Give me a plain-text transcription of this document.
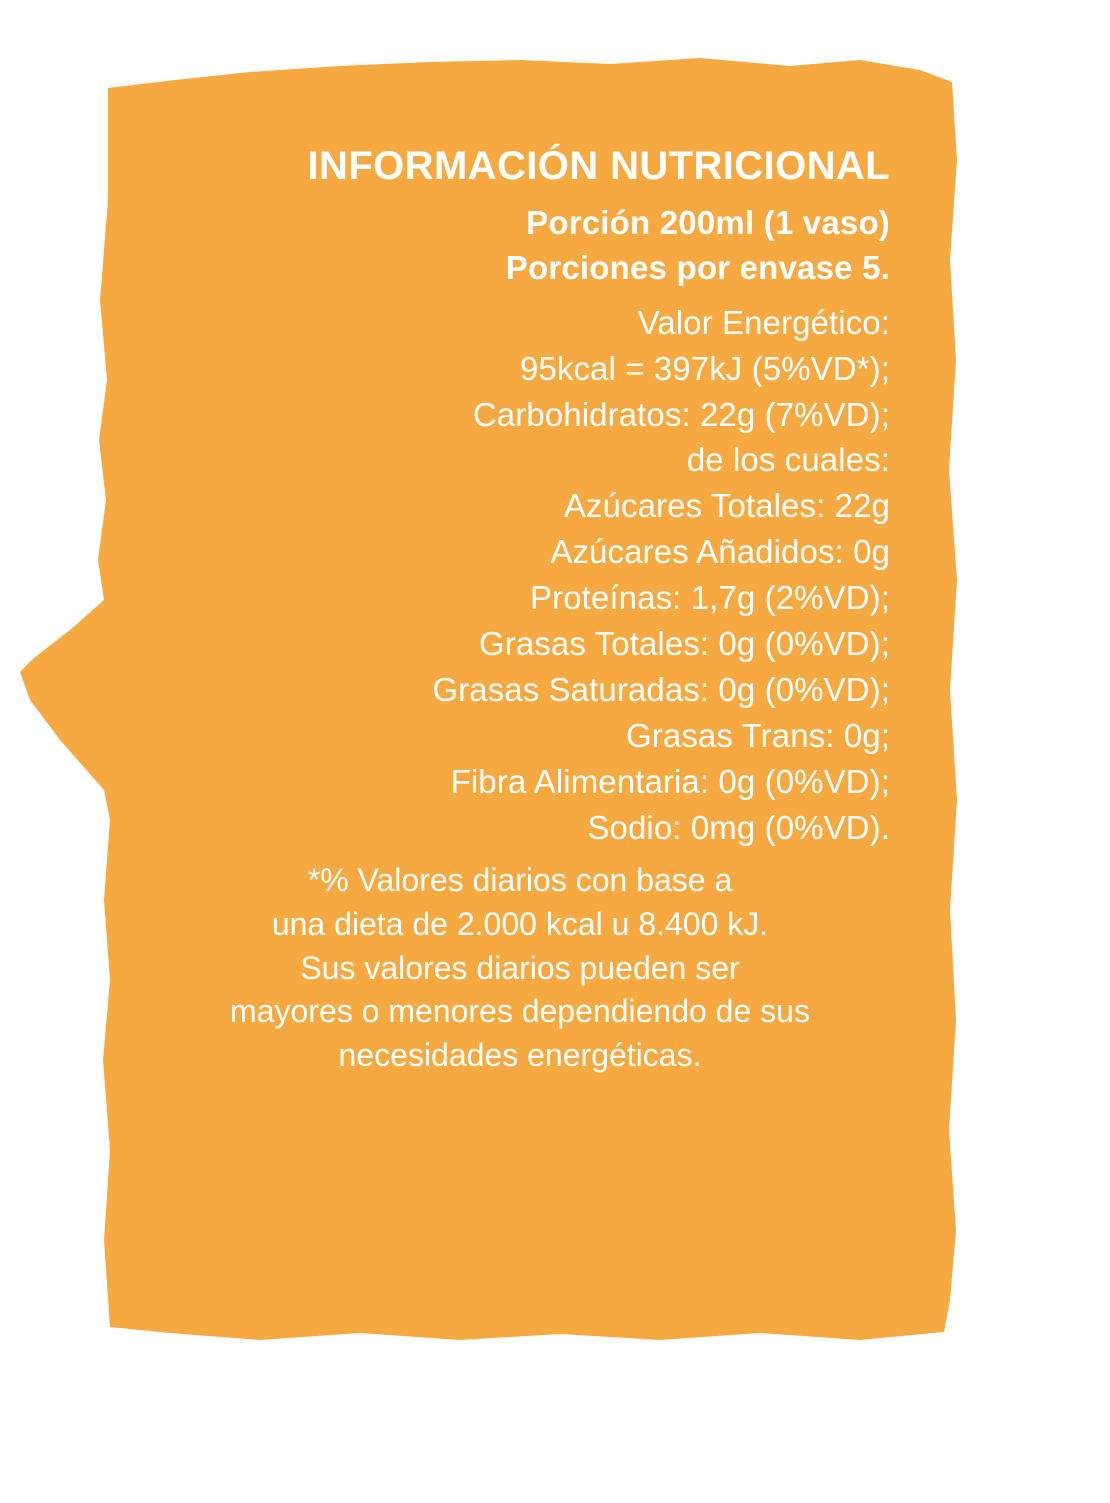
INFORMACIÓN NUTRICIONAL
Porción 200ml (1 vaso)
Porciones por envase 5.
Valor Energético:
95kcal = 397kJ (5%VD*);
Carbohidratos: 22g (7%VD);
de los cuales:
Azúcares Totales: 22g
Azúcares Añadidos: 0g
Proteínas: 1,7g (2%VD);
Grasas Totales: 0g (0%VD);
Grasas Saturadas: 0g (0%VD);
Grasas Trans: 0g;
Fibra Alimentaria: 0g (0%VD);
Sodio: 0mg (0%VD).
*% Valores diarios con base a
una dieta de 2.000 kcal u 8.400 kJ.
Sus valores diarios pueden ser
mayores o menores dependiendo de sus
necesidades energéticas.
